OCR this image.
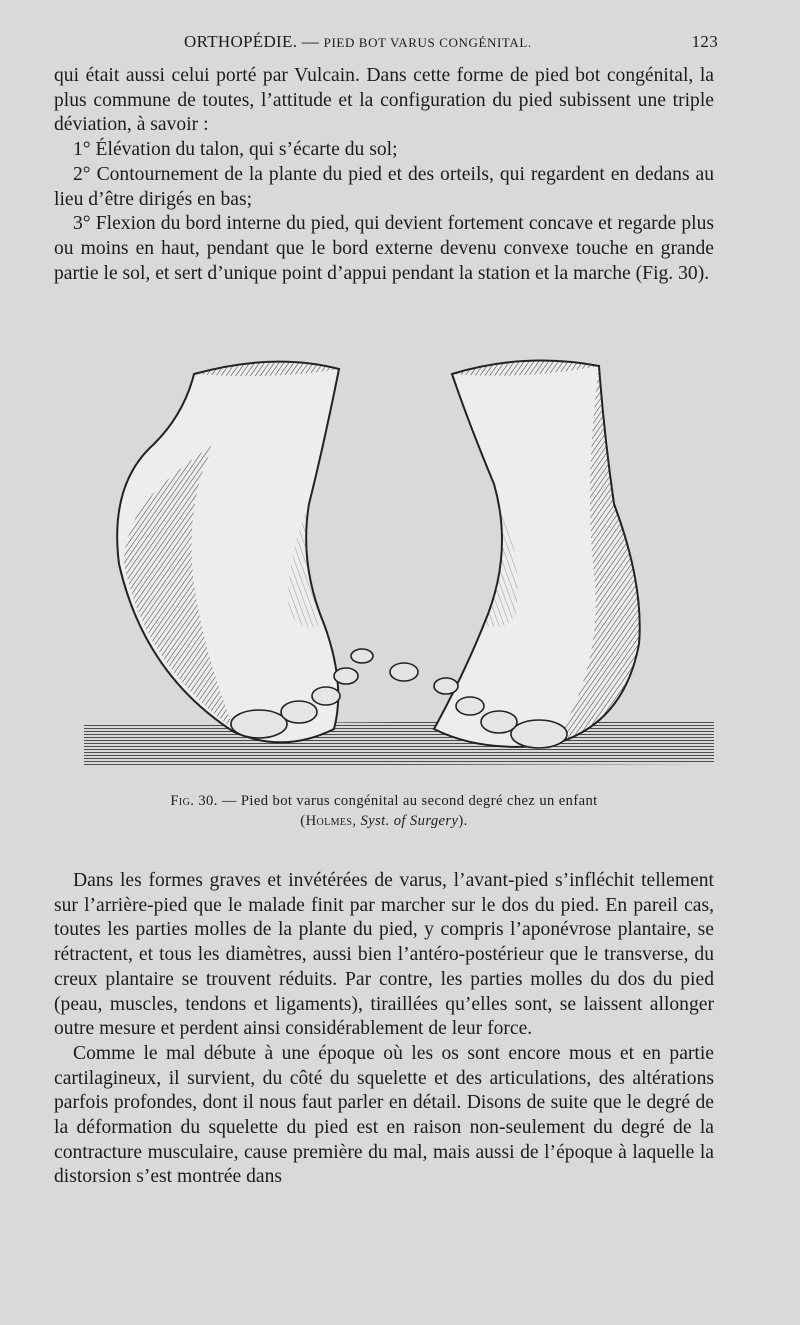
ORTHOPÉDIE. — PIED BOT VARUS CONGÉNITAL.	123

qui était aussi celui porté par Vulcain. Dans cette forme de pied bot congénital, la plus commune de toutes, l’attitude et la configuration du pied subissent une triple déviation, à savoir :

1° Élévation du talon, qui s’écarte du sol;

2° Contournement de la plante du pied et des orteils, qui regardent en dedans au lieu d’être dirigés en bas;

3° Flexion du bord interne du pied, qui devient fortement concave et regarde plus ou moins en haut, pendant que le bord externe devenu convexe touche en grande partie le sol, et sert d’unique point d’appui pendant la station et la marche (Fig. 30).

Fig. 30. — Pied bot varus congénital au second degré chez un enfant
(Holmes, Syst. of Surgery).

Dans les formes graves et invétérées de varus, l’avant-pied s’infléchit tellement sur l’arrière-pied que le malade finit par marcher sur le dos du pied. En pareil cas, toutes les parties molles de la plante du pied, y compris l’aponévrose plantaire, se rétractent, et tous les diamètres, aussi bien l’antéro-postérieur que le transverse, du creux plantaire se trouvent réduits. Par contre, les parties molles du dos du pied (peau, muscles, tendons et ligaments), tiraillées qu’elles sont, se laissent allonger outre mesure et perdent ainsi considérablement de leur force.

Comme le mal débute à une époque où les os sont encore mous et en partie cartilagineux, il survient, du côté du squelette et des articulations, des altérations parfois profondes, dont il nous faut parler en détail. Disons de suite que le degré de la déformation du squelette du pied est en raison non-seulement du degré de la contracture musculaire, cause première du mal, mais aussi de l’époque à laquelle la distorsion s’est montrée dans
